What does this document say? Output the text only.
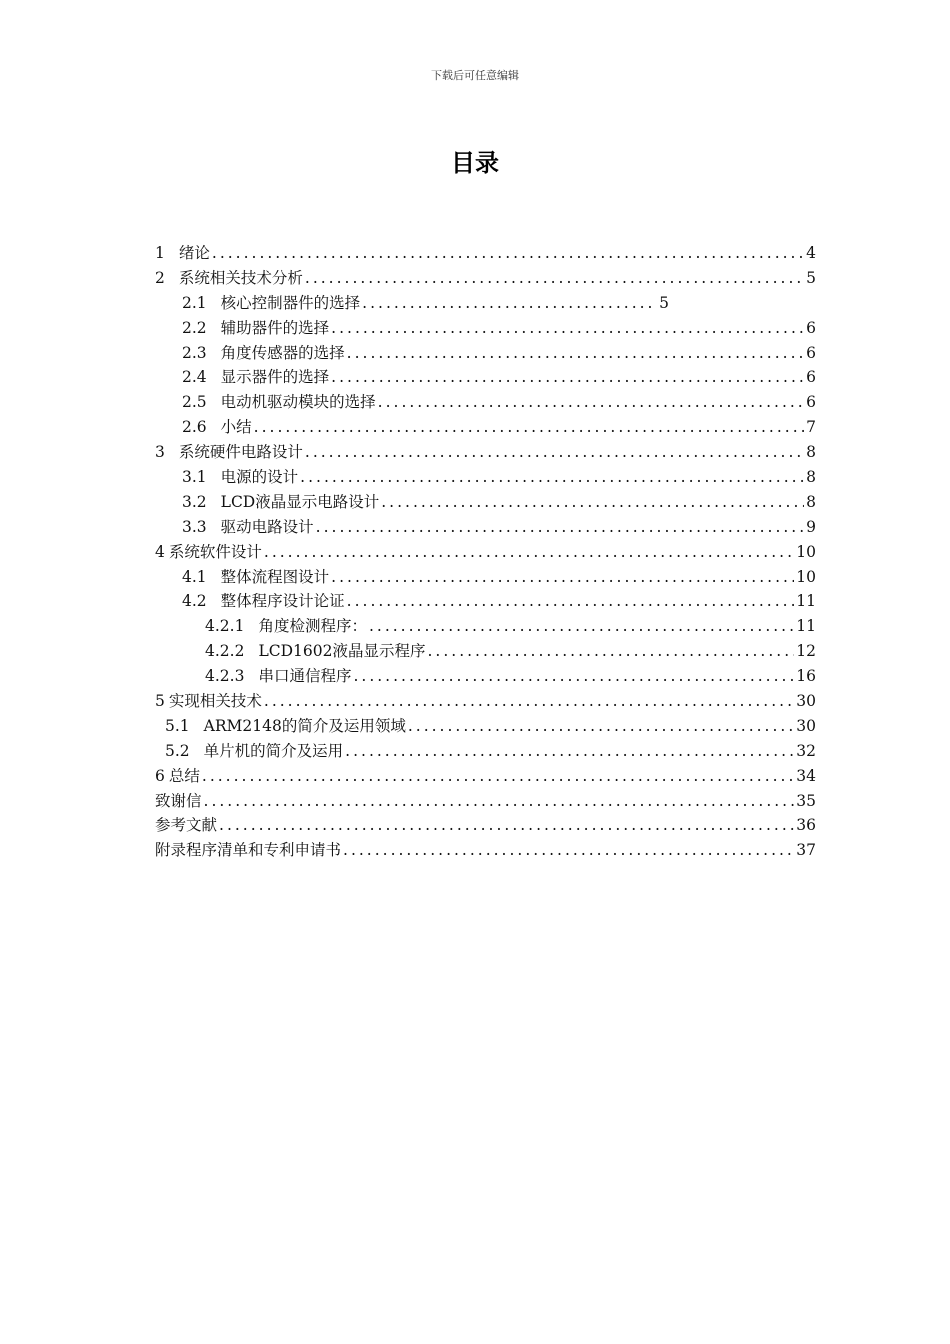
下载后可任意编辑
目录
1 绪论 .....	4
2 系统相关技术分析 .....	5
2.1 核心控制器件的选择 .....	5
2.2 辅助器件的选择 .....	6
2.3 角度传感器的选择 .....	6
2.4 显示器件的选择 .....	6
2.5 电动机驱动模块的选择 .....	6
2.6 小结 .....	7
3 系统硬件电路设计 .....	8
3.1 电源的设计 .....	8
3.2 LCD液晶显示电路设计 .....	8
3.3 驱动电路设计 .....	9
4 系统软件设计 .....	10
4.1 整体流程图设计 .....	10
4.2 整体程序设计论证 .....	11
4.2.1 角度检测程序： .....	11
4.2.2 LCD1602液晶显示程序 .....	12
4.2.3 串口通信程序 .....	16
5 实现相关技术 .....	30
5.1 ARM2148的简介及运用领域 .....	30
5.2 单片机的简介及运用 .....	32
6 总结 .....	34
致谢信 .....	35
参考文献 .....	36
附录程序清单和专利申请书 .....	37
